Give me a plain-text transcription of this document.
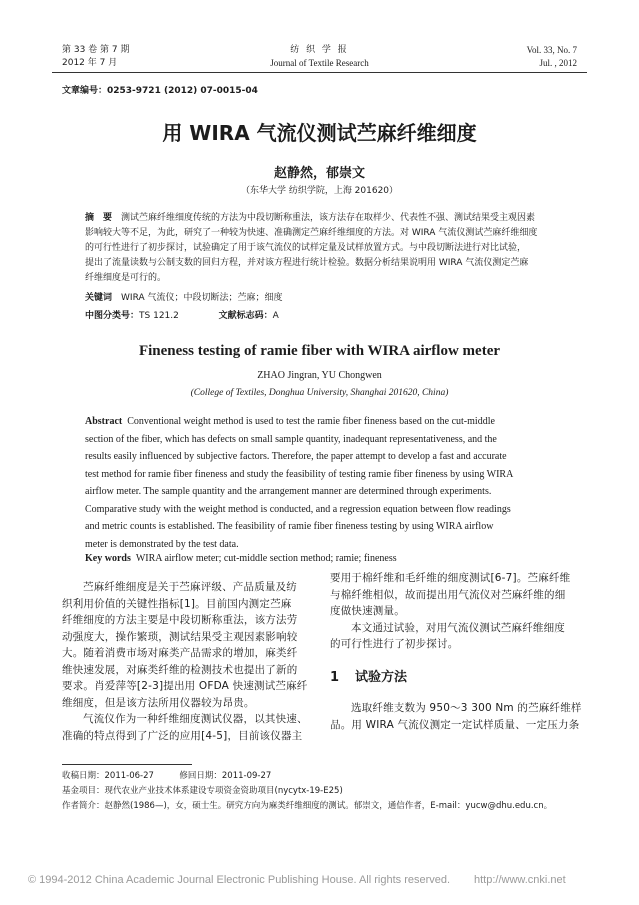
第 33 卷 第 7 期
2012 年 7 月
纺 织 学 报
Journal of Textile Research
Vol. 33, No. 7
Jul. , 2012
文章编号：0253-9721 (2012) 07-0015-04
用 WIRA 气流仪测试苎麻纤维细度
赵静然，郁崇文
（东华大学 纺织学院，上海 201620）
摘　要　 测试苎麻纤维细度传统的方法为中段切断称重法，该方法存在取样少、代表性不强、测试结果受主观因素
影响较大等不足，为此，研究了一种较为快速、准确测定苎麻纤维细度的方法。对 WIRA 气流仪测试苎麻纤维细度
的可行性进行了初步探讨，试验确定了用于该气流仪的试样定量及试样放置方式。与中段切断法进行对比试验，
提出了流量读数与公制支数的回归方程，并对该方程进行统计检验。数据分析结果说明用 WIRA 气流仪测定苎麻
纤维细度是可行的。
关键词　 WIRA 气流仪；中段切断法；苎麻；细度
中图分类号：TS 121.2	文献标志码：A
Fineness testing of ramie fiber with WIRA airflow meter
ZHAO Jingran, YU Chongwen
(College of Textiles, Donghua University, Shanghai 201620, China)
Abstract Conventional weight method is used to test the ramie fiber fineness based on the cut-middle
section of the fiber, which has defects on small sample quantity, inadequant representativeness, and the
results easily influenced by subjective factors. Therefore, the paper attempt to develop a fast and accurate
test method for ramie fiber fineness and study the feasibility of testing ramie fiber fineness by using WIRA
airflow meter. The sample quantity and the arrangement manner are determined through experiments.
Comparative study with the weight method is conducted, and a regression equation between flow readings
and metric counts is established. The feasibility of ramie fiber fineness testing by using WIRA airflow
meter is demonstrated by the test data.
Key words WIRA airflow meter; cut-middle section method; ramie; fineness
苎麻纤维细度是关于苎麻评级、产品质量及纺
织利用价值的关键性指标[1]。目前国内测定苎麻
纤维细度的方法主要是中段切断称重法，该方法劳
动强度大，操作繁琐，测试结果受主观因素影响较
大。随着消费市场对麻类产品需求的增加，麻类纤
维快速发展，对麻类纤维的检测技术也提出了新的
要求。肖爱萍等[2-3]提出用 OFDA 快速测试苎麻纤
维细度，但是该方法所用仪器较为昂贵。
气流仪作为一种纤维细度测试仪器，以其快速、
准确的特点得到了广泛的应用[4-5]，目前该仪器主
要用于棉纤维和毛纤维的细度测试[6-7]。苎麻纤维
与棉纤维相似，故而提出用气流仪对苎麻纤维的细
度做快速测量。
本文通过试验，对用气流仪测试苎麻纤维细度
的可行性进行了初步探讨。
1 试验方法
选取纤维支数为 950～3 300 Nm 的苎麻纤维样
品。用 WIRA 气流仪测定一定试样质量、一定压力条
收稿日期：2011-06-27　　　修回日期：2011-09-27
基金项目：现代农业产业技术体系建设专项资金资助项目(nycytx-19-E25)
作者简介：赵静然(1986—)，女，硕士生。研究方向为麻类纤维细度的测试。郁崇文，通信作者，E-mail：yucw@dhu.edu.cn。
© 1994-2012 China Academic Journal Electronic Publishing House. All rights reserved. http://www.cnki.net
